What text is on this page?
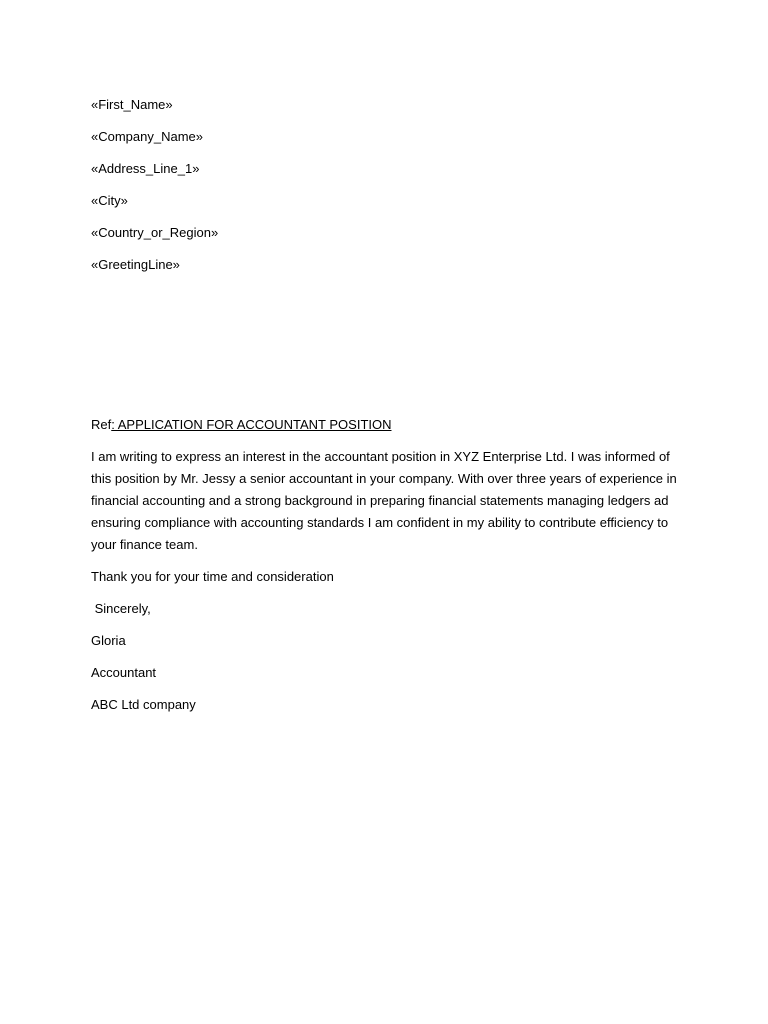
«First_Name»
«Company_Name»
«Address_Line_1»
«City»
«Country_or_Region»
«GreetingLine»
Ref: APPLICATION FOR ACCOUNTANT POSITION
I am writing to express an interest in the accountant position in XYZ Enterprise Ltd. I was informed of this position by Mr. Jessy a senior accountant in your company. With over three years of experience in financial accounting and a strong background in preparing financial statements managing ledgers ad ensuring compliance with accounting standards I am confident in my ability to contribute efficiency to your finance team.
Thank you for your time and consideration
Sincerely,
Gloria
Accountant
ABC Ltd company
